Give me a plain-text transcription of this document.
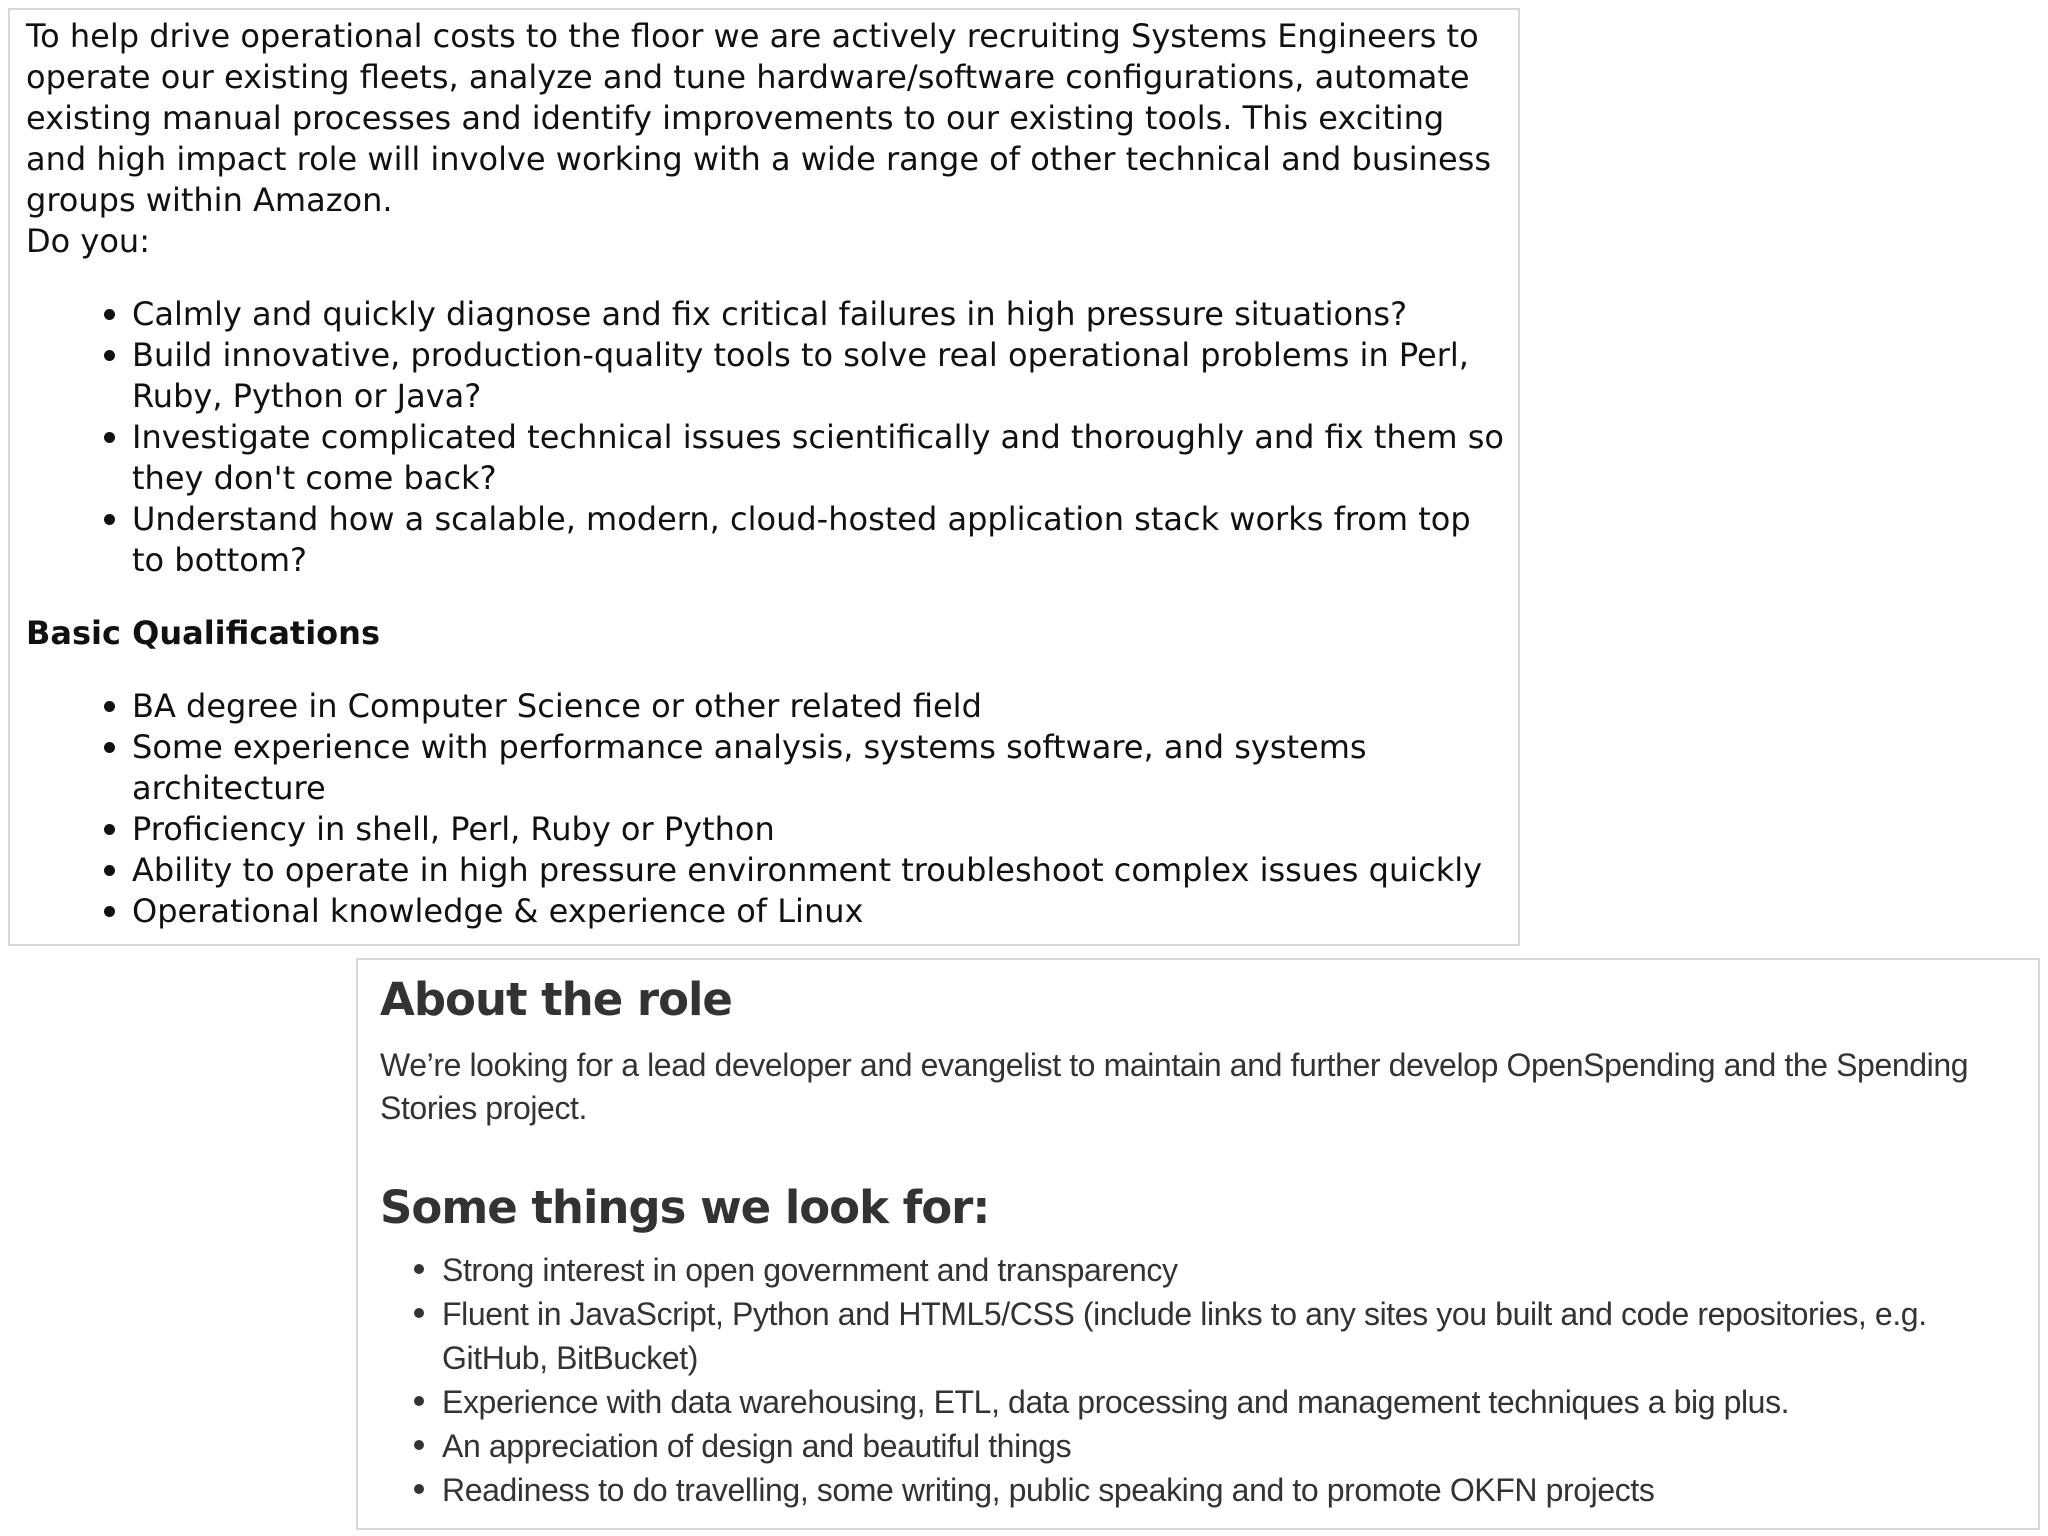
To help drive operational costs to the floor we are actively recruiting Systems Engineers to operate our existing fleets, analyze and tune hardware/software configurations, automate existing manual processes and identify improvements to our existing tools. This exciting and high impact role will involve working with a wide range of other technical and business groups within Amazon.

Do you:

Calmly and quickly diagnose and fix critical failures in high pressure situations?
Build innovative, production-quality tools to solve real operational problems in Perl, Ruby, Python or Java?
Investigate complicated technical issues scientifically and thoroughly and fix them so they don't come back?
Understand how a scalable, modern, cloud-hosted application stack works from top to bottom?
Basic Qualifications
BA degree in Computer Science or other related field
Some experience with performance analysis, systems software, and systems architecture
Proficiency in shell, Perl, Ruby or Python
Ability to operate in high pressure environment troubleshoot complex issues quickly
Operational knowledge & experience of Linux
About the role

We’re looking for a lead developer and evangelist to maintain and further develop OpenSpending and the Spending Stories project.

Some things we look for:
Strong interest in open government and transparency
Fluent in JavaScript, Python and HTML5/CSS (include links to any sites you built and code repositories, e.g. GitHub, BitBucket)
Experience with data warehousing, ETL, data processing and management techniques a big plus.
An appreciation of design and beautiful things
Readiness to do travelling, some writing, public speaking and to promote OKFN projects
